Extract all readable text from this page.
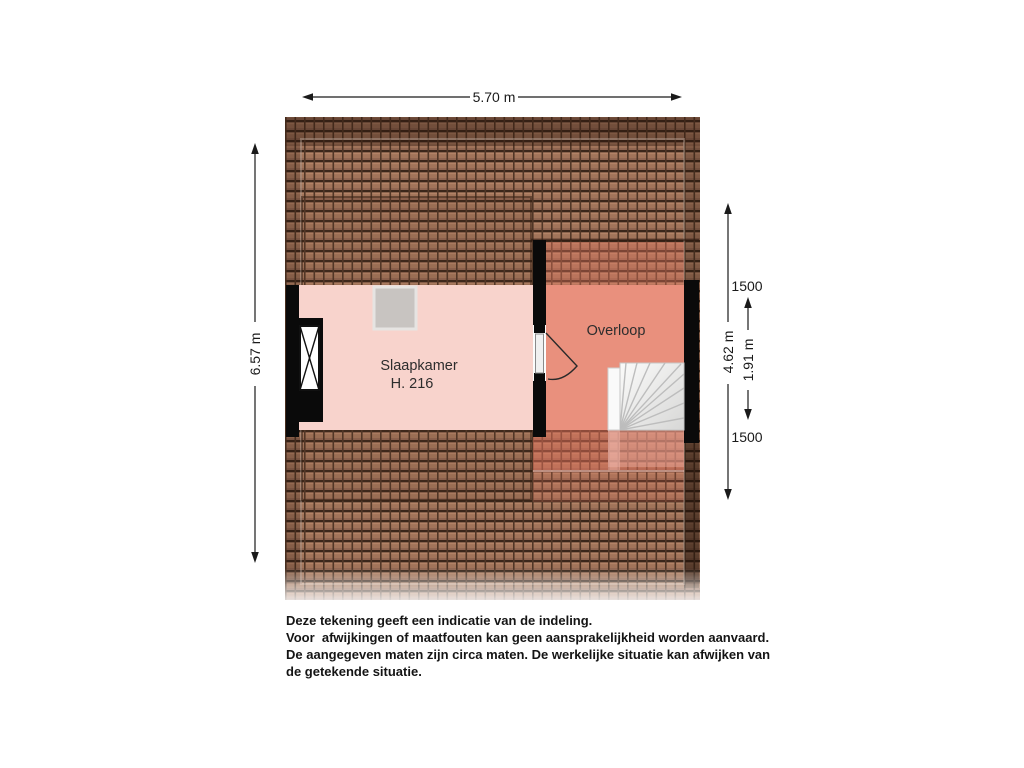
Slaapkamer
H. 216
Overloop
5.70 m
6.57 m	4.62 m 1.91 m
1500
1500
Deze tekening geeft een indicatie van de indeling.
Voor  afwijkingen of maatfouten kan geen aansprakelijkheid worden aanvaard.
De aangegeven maten zijn circa maten. De werkelijke situatie kan afwijken van
de getekende situatie.
